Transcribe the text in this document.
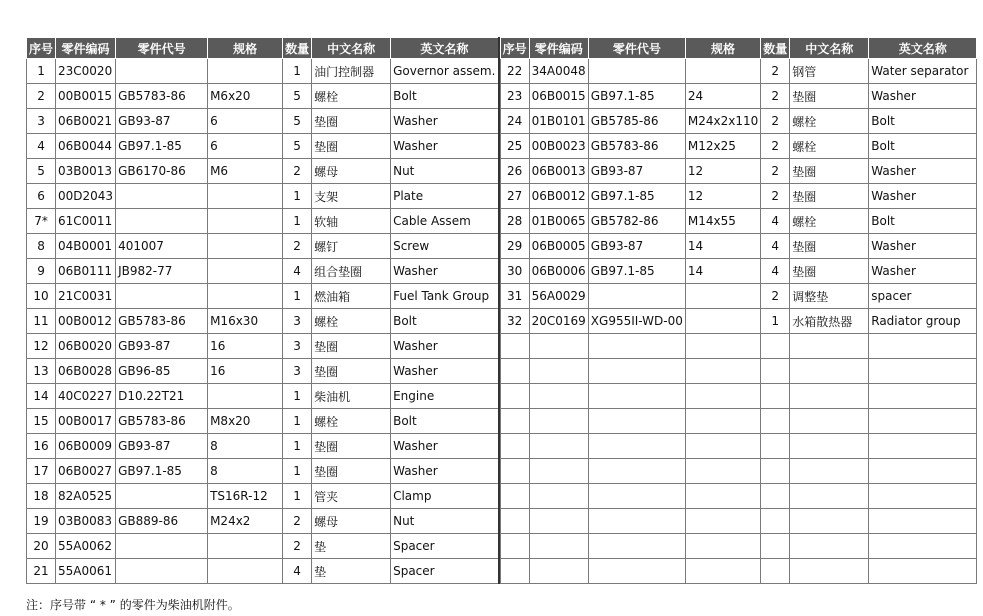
序号	零件编码	零件代号	规格	数量	中文名称	英文名称
1	23C0020			1	油门控制器	Governor assem.
2	00B0015	GB5783-86	M6x20	5	螺栓	Bolt
3	06B0021	GB93-87	6	5	垫圈	Washer
4	06B0044	GB97.1-85	6	5	垫圈	Washer
5	03B0013	GB6170-86	M6	2	螺母	Nut
6	00D2043			1	支架	Plate
7*	61C0011			1	软轴	Cable Assem
8	04B0001	401007		2	螺钉	Screw
9	06B0111	JB982-77		4	组合垫圈	Washer
10	21C0031			1	燃油箱	Fuel Tank Group
11	00B0012	GB5783-86	M16x30	3	螺栓	Bolt
12	06B0020	GB93-87	16	3	垫圈	Washer
13	06B0028	GB96-85	16	3	垫圈	Washer
14	40C0227	D10.22T21		1	柴油机	Engine
15	00B0017	GB5783-86	M8x20	1	螺栓	Bolt
16	06B0009	GB93-87	8	1	垫圈	Washer
17	06B0027	GB97.1-85	8	1	垫圈	Washer
18	82A0525		TS16R-12	1	管夹	Clamp
19	03B0083	GB889-86	M24x2	2	螺母	Nut
20	55A0062			2	垫	Spacer
21	55A0061			4	垫	Spacer
序号	零件编码	零件代号	规格	数量	中文名称	英文名称
22	34A0048			2	钢管	Water separator
23	06B0015	GB97.1-85	24	2	垫圈	Washer
24	01B0101	GB5785-86	M24x2x110	2	螺栓	Bolt
25	00B0023	GB5783-86	M12x25	2	螺栓	Bolt
26	06B0013	GB93-87	12	2	垫圈	Washer
27	06B0012	GB97.1-85	12	2	垫圈	Washer
28	01B0065	GB5782-86	M14x55	4	螺栓	Bolt
29	06B0005	GB93-87	14	4	垫圈	Washer
30	06B0006	GB97.1-85	14	4	垫圈	Washer
31	56A0029			2	调整垫	spacer
32	20C0169	XG955II-WD-00		1	水箱散热器	Radiator group

注：序号带 “ * ” 的零件为柴油机附件。
